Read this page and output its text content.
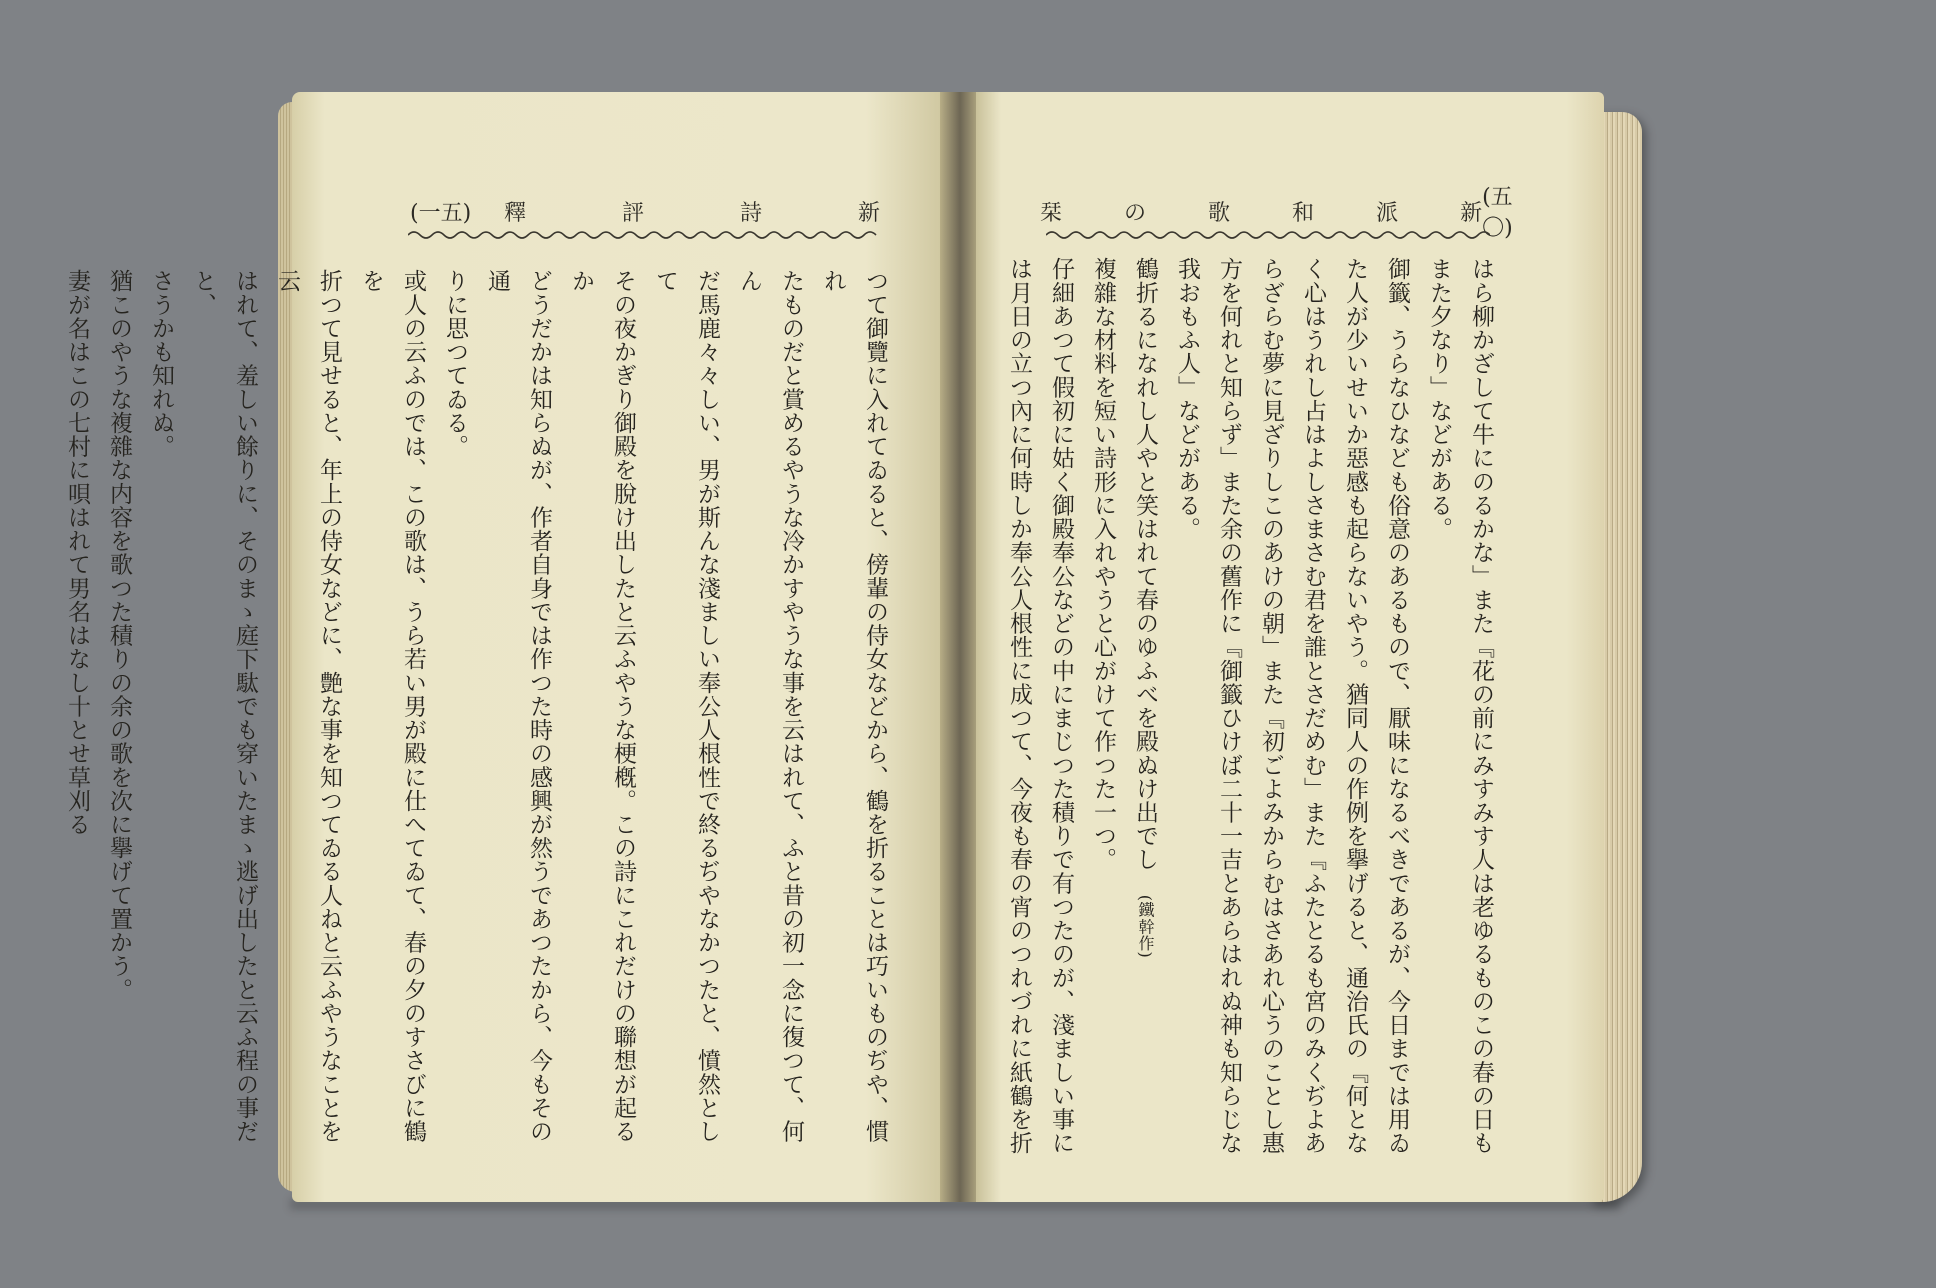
(一五) 釋	評	詩	新

つて御覽に入れてゐると、傍輩の侍女などから、鶴を折ることは巧いものぢや、慣れ

たものだと賞めるやうな冷かすやうな事を云はれて、ふと昔の初一念に復つて、何ん

だ馬鹿々々しい、男が斯んな淺ましい奉公人根性で終るぢやなかつたと、憤然として

その夜かぎり御殿を脫け出したと云ふやうな梗槪。この詩にこれだけの聯想が起るか

どうだかは知らぬが、作者自身では作つた時の感興が然うであつたから、今もその通

りに思つてゐる。

或人の云ふのでは、この歌は、うら若い男が殿に仕へてゐて、春の夕のすさびに鶴を

折つて見せると、年上の侍女などに、艶な事を知つてゐる人ねと云ふやうなことを云

はれて、羞しい餘りに、そのまゝ庭下駄でも穿いたまゝ逃げ出したと云ふ程の事だと、

さうかも知れぬ。

猶このやうな複雜な内容を歌つた積りの余の歌を次に擧げて置かう。

妻が名はこの七村に唄はれて男名はなし十とせ草刈る

栞	の	歌	和	派	新
(五〇)

はら柳かざして牛にのるかな」また『花の前にみすみす人は老ゆるものこの春の日も

また夕なり」などがある。

御籤、うらなひなども俗意のあるもので、厭味になるべきであるが、今日までは用ゐ

た人が少いせいか惡感も起らないやう。猶同人の作例を擧げると、通治氏の『何とな

く心はうれし占はよしさまさむ君を誰とさだめむ」また『ふたとるも宮のみくぢよあ

らざらむ夢に見ざりしこのあけの朝」また『初ごよみからむはさあれ心うのことし惠

方を何れと知らず」また余の舊作に『御籤ひけば二十一吉とあらはれぬ神も知らじな

我おもふ人」などがある。

鶴折るになれし人やと笑はれて春のゆふべを殿ぬけ出でし　(鐵幹作)

複雜な材料を短い詩形に入れやうと心がけて作つた一つ。

仔細あつて假初に姑く御殿奉公などの中にまじつた積りで有つたのが、淺ましい事に

は月日の立つ內に何時しか奉公人根性に成つて、今夜も春の宵のつれづれに紙鶴を折
